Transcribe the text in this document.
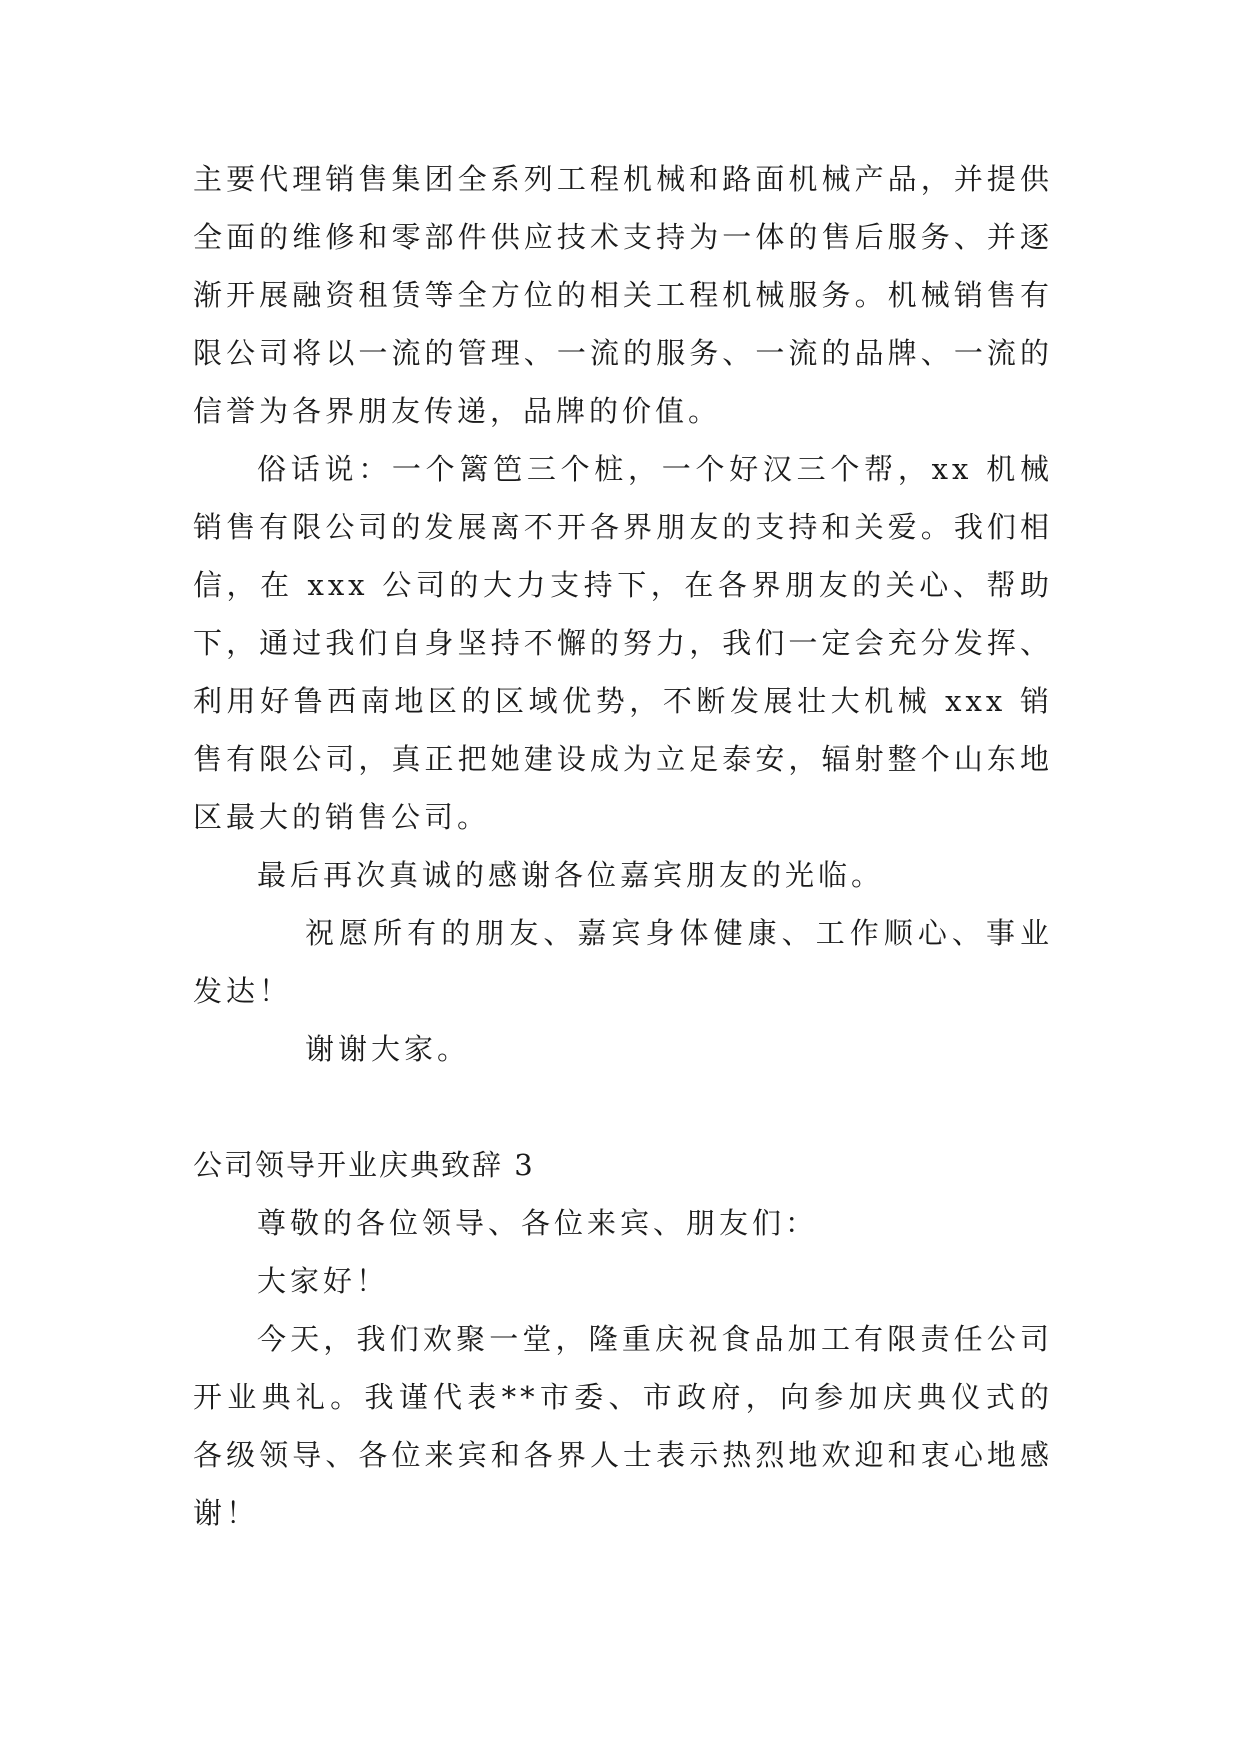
主要代理销售集团全系列工程机械和路面机械产品，并提供全面的维修和零部件供应技术支持为一体的售后服务、并逐渐开展融资租赁等全方位的相关工程机械服务。机械销售有限公司将以一流的管理、一流的服务、一流的品牌、一流的信誉为各界朋友传递，品牌的价值。

俗话说：一个篱笆三个桩，一个好汉三个帮，xx 机械销售有限公司的发展离不开各界朋友的支持和关爱。我们相信，在 xxx 公司的大力支持下，在各界朋友的关心、帮助下，通过我们自身坚持不懈的努力，我们一定会充分发挥、利用好鲁西南地区的区域优势，不断发展壮大机械 xxx 销售有限公司，真正把她建设成为立足泰安，辐射整个山东地区最大的销售公司。

最后再次真诚的感谢各位嘉宾朋友的光临。

祝愿所有的朋友、嘉宾身体健康、工作顺心、事业发达！

谢谢大家。

公司领导开业庆典致辞 3

尊敬的各位领导、各位来宾、朋友们：

大家好！

今天，我们欢聚一堂，隆重庆祝食品加工有限责任公司开业典礼。我谨代表**市委、市政府，向参加庆典仪式的各级领导、各位来宾和各界人士表示热烈地欢迎和衷心地感谢！
